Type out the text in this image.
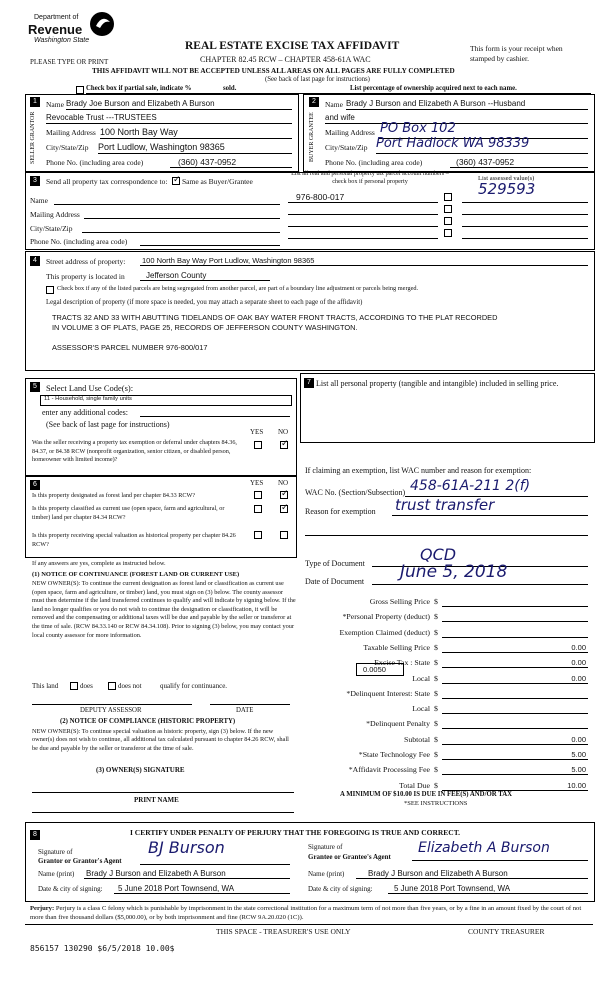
Department of
Revenue
Washington State
PLEASE TYPE OR PRINT
REAL ESTATE EXCISE TAX AFFIDAVIT
CHAPTER 82.45 RCW – CHAPTER 458-61A WAC
This form is your receipt when stamped by cashier.
THIS AFFIDAVIT WILL NOT BE ACCEPTED UNLESS ALL AREAS ON ALL PAGES ARE FULLY COMPLETED
(See back of last page for instructions)
Check box if partial sale, indicate %	sold.	List percentage of ownership acquired next to each name.
1
SELLER GRANTOR
Name Brady Joe Burson and Elizabeth A Burson
Revocable Trust ---TRUSTEES
Mailing Address 100 North Bay Way
City/State/Zip Port Ludlow, Washington 98365
Phone No. (including area code)	(360) 437-0952
2
BUYER GRANTEE
Name Brady J Burson and Elizabeth A Burson --Husband
and wife
Mailing Address PO Box 102
City/State/Zip Port Hadlock WA 98339
Phone No. (including area code)	(360) 437-0952
3	Send all property tax correspondence to:
✓ Same as Buyer/Grantee
Name
Mailing Address
City/State/Zip
Phone No. (including area code)
List all real and personal property tax parcel account numbers – check box if personal property	List assessed value(s)
976-800-017	529593
4	Street address of property: 100 North Bay Way Port Ludlow, Washington 98365
This property is located in	Jefferson County
Check box if any of the listed parcels are being segregated from another parcel, are part of a boundary line adjustment or parcels being merged.
Legal description of property (if more space is needed, you may attach a separate sheet to each page of the affidavit)
TRACTS 32 AND 33 WITH ABUTTING TIDELANDS OF OAK BAY WATER FRONT TRACTS, ACCORDING TO THE PLAT RECORDED
IN VOLUME 3 OF PLATS, PAGE 25, RECORDS OF JEFFERSON COUNTY WASHINGTON.
ASSESSOR'S PARCEL NUMBER 976-800/017
5	Select Land Use Code(s):
11 - Household, single family units
enter any additional codes:
(See back of last page for instructions)
YES NO
Was the seller receiving a property tax exemption or deferral under chapters 84.36, 84.37, or 84.38 RCW (nonprofit organization, senior citizen, or disabled person, homeowner with limited income)?
✓
7 List all personal property (tangible and intangible) included in selling price.
6	YES NO
Is this property designated as forest land per chapter 84.33 RCW?
✓
Is this property classified as current use (open space, farm and agricultural, or timber) land per chapter 84.34 RCW?
✓
Is this property receiving special valuation as historical property per chapter 84.26 RCW?
If any answers are yes, complete as instructed below.
(1) NOTICE OF CONTINUANCE (FOREST LAND OR CURRENT USE)
NEW OWNER(S): To continue the current designation as forest land or classification as current use (open space, farm and agriculture, or timber) land, you must sign on (3) below. The county assessor must then determine if the land transferred continues to qualify and will indicate by signing below. If the land no longer qualifies or you do not wish to continue the designation or classification, it will be removed and the compensating or additional taxes will be due and payable by the seller or transferor at the time of sale. (RCW 84.33.140 or RCW 84.34.108). Prior to signing (3) below, you may contact your local county assessor for more information.
This land	does	does not	qualify for continuance.
DEPUTY ASSESSOR	DATE
(2) NOTICE OF COMPLIANCE (HISTORIC PROPERTY)
NEW OWNER(S): To continue special valuation as historic property, sign (3) below. If the new owner(s) does not wish to continue, all additional tax calculated pursuant to chapter 84.26 RCW, shall be due and payable by the seller or transferor at the time of sale.
(3) OWNER(S) SIGNATURE
PRINT NAME
If claiming an exemption, list WAC number and reason for exemption:
WAC No. (Section/Subsection) 458-61A-211 2(f)
Reason for exemption trust transfer
Type of Document	QCD
Date of Document June 5, 2018
Gross Selling Price $
*Personal Property (deduct) $
Exemption Claimed (deduct) $
Taxable Selling Price $	0.00
Excise Tax : State $	0.00
Local $	0.00
*Delinquent Interest: State $
Local $
*Delinquent Penalty $
Subtotal $	0.00
*State Technology Fee $	5.00
*Affidavit Processing Fee $	5.00
Total Due $	10.00
0.0050
A MINIMUM OF $10.00 IS DUE IN FEE(S) AND/OR TAX
*SEE INSTRUCTIONS
8	I CERTIFY UNDER PENALTY OF PERJURY THAT THE FOREGOING IS TRUE AND CORRECT.
Signature of
Grantor or Grantor's Agent
BJ Burson
Name (print) Brady J Burson and Elizabeth A Burson
Date & city of signing: 5 June 2018 Port Townsend, WA
Signature of
Grantee or Grantee's Agent
Elizabeth A Burson
Name (print)	Brady J Burson and Elizabeth A Burson
Date & city of signing:	5 June 2018 Port Townsend, WA
Perjury: Perjury is a class C felony which is punishable by imprisonment in the state correctional institution for a maximum term of not more than five years, or by a fine in an amount fixed by the court of not more than five thousand dollars ($5,000.00), or by both imprisonment and fine (RCW 9A.20.020 (1C)).
THIS SPACE - TREASURER'S USE ONLY	COUNTY TREASURER
856157 130290 $6/5/2018 10.00$
